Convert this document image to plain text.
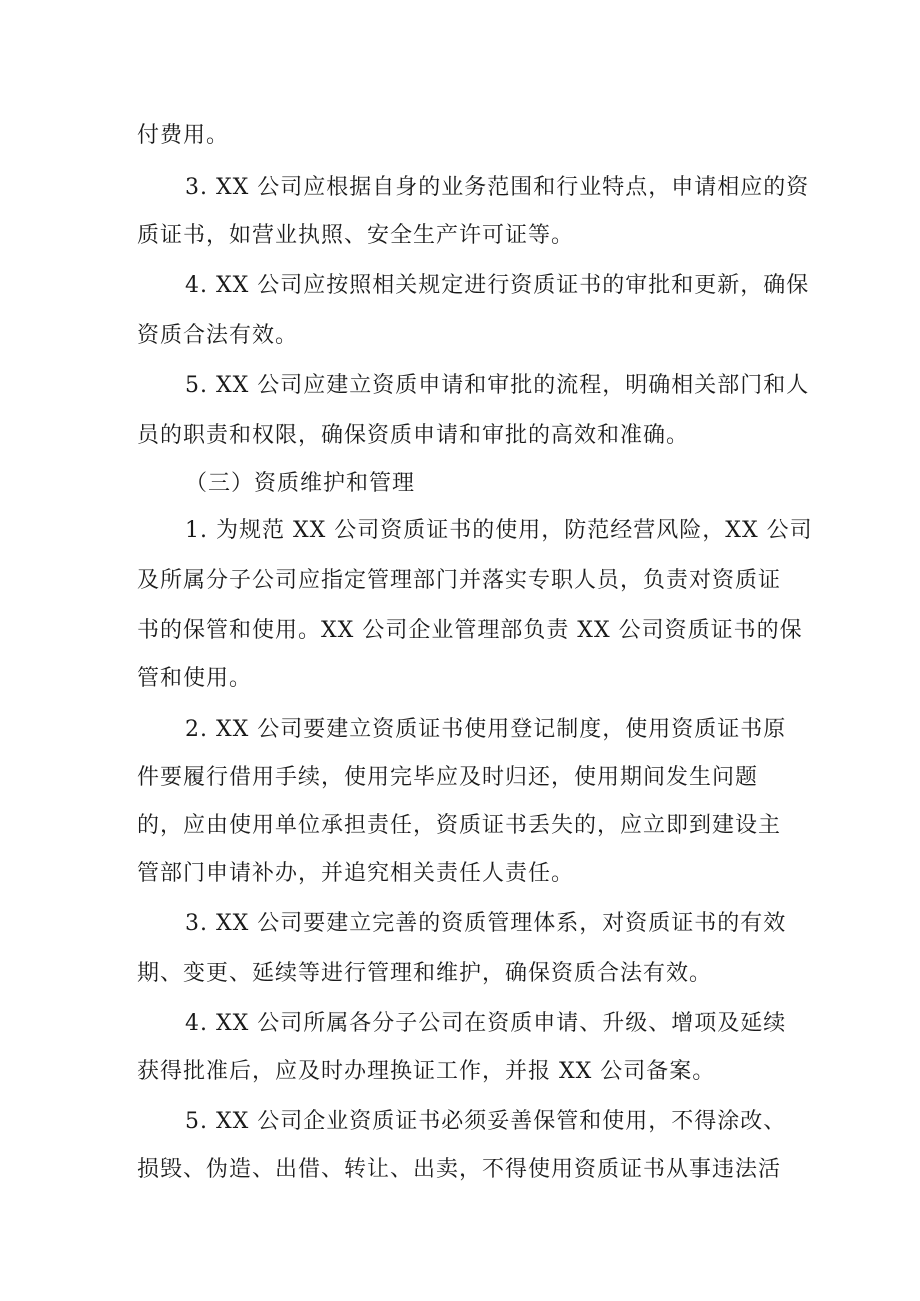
付费用。
3. XX 公司应根据自身的业务范围和行业特点，申请相应的资
质证书，如营业执照、安全生产许可证等。
4. XX 公司应按照相关规定进行资质证书的审批和更新，确保
资质合法有效。
5. XX 公司应建立资质申请和审批的流程，明确相关部门和人
员的职责和权限，确保资质申请和审批的高效和准确。
（三）资质维护和管理
1. 为规范 XX 公司资质证书的使用，防范经营风险，XX 公司
及所属分子公司应指定管理部门并落实专职人员，负责对资质证
书的保管和使用。XX 公司企业管理部负责 XX 公司资质证书的保
管和使用。
2. XX 公司要建立资质证书使用登记制度，使用资质证书原
件要履行借用手续，使用完毕应及时归还，使用期间发生问题
的，应由使用单位承担责任，资质证书丢失的，应立即到建设主
管部门申请补办，并追究相关责任人责任。
3. XX 公司要建立完善的资质管理体系，对资质证书的有效
期、变更、延续等进行管理和维护，确保资质合法有效。
4. XX 公司所属各分子公司在资质申请、升级、增项及延续
获得批准后，应及时办理换证工作，并报 XX 公司备案。
5. XX 公司企业资质证书必须妥善保管和使用，不得涂改、
损毁、伪造、出借、转让、出卖，不得使用资质证书从事违法活
